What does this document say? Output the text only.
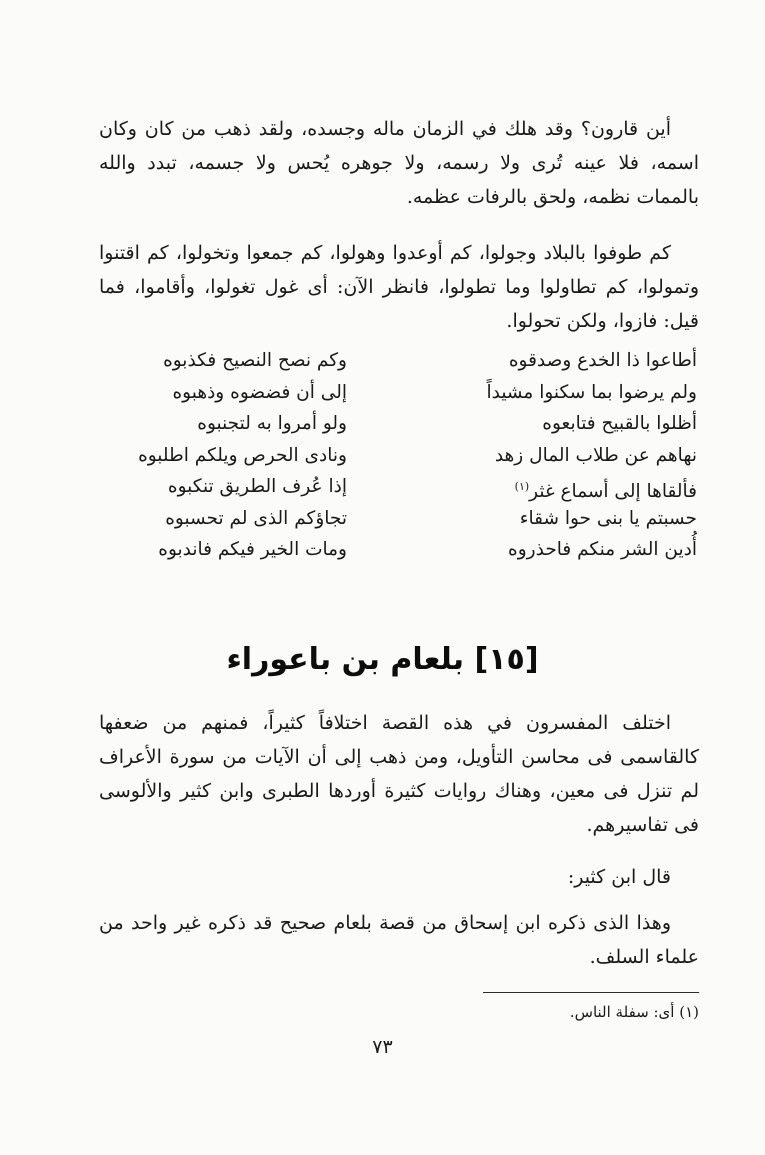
أين قارون؟ وقد هلك في الزمان ماله وجسده، ولقد ذهب من كان وكان اسمه، فلا عينه تُرى ولا رسمه، ولا جوهره يُحس ولا جسمه، تبدد والله بالممات نظمه، ولحق بالرفات عظمه.

كم طوفوا بالبلاد وجولوا، كم أوعدوا وهولوا، كم جمعوا وتخولوا، كم اقتنوا وتمولوا، كم تطاولوا وما تطولوا، فانظر الآن: أى غول تغولوا، وأقاموا، فما قيل: فازوا، ولكن تحولوا.

أطاعوا ذا الخدع وصدقوه
وكم نصح النصيح فكذبوه
ولم يرضوا بما سكنوا مشيداً
إلى أن فضضوه وذهبوه
أظلوا بالقبيح فتابعوه
ولو أمروا به لتجنبوه
نهاهم عن طلاب المال زهد
ونادى الحرص ويلكم اطلبوه
فألقاها إلى أسماع غثر$^{(١)}$
إذا عُرف الطريق تنكبوه
حسبتم يا بنى حوا شقاء
تجاؤكم الذى لم تحسبوه
أُدين الشر منكم فاحذروه
ومات الخير فيكم فاندبوه
[١٥] بلعام بن باعوراء

اختلف المفسرون في هذه القصة اختلافاً كثيراً، فمنهم من ضعفها كالقاسمى فى محاسن التأويل، ومن ذهب إلى أن الآيات من سورة الأعراف لم تنزل فى معين، وهناك روايات كثيرة أوردها الطبرى وابن كثير والألوسى فى تفاسيرهم.

قال ابن كثير:

وهذا الذى ذكره ابن إسحاق من قصة بلعام صحيح قد ذكره غير واحد من علماء السلف.

(١) أى: سفلة الناس.
٧٣
